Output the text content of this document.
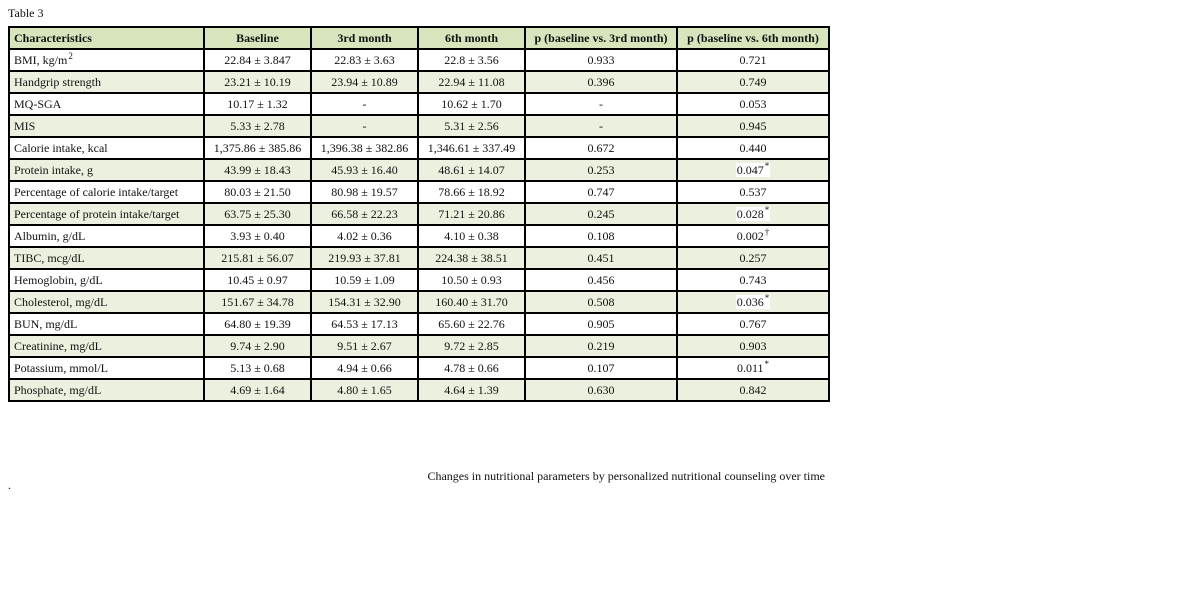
Table 3
Characteristics	Baseline	3rd month	6th month	p (baseline vs. 3rd month)	p (baseline vs. 6th month)
BMI, $kg/m^2$	22.84 ± 3.847	22.83 ± 3.63	22.8 ± 3.56	0.933	0.721
Handgrip strength	23.21 ± 10.19	23.94 ± 10.89	22.94 ± 11.08	0.396	0.749
MQ-SGA	10.17 ± 1.32	-	10.62 ± 1.70	-	0.053
MIS	5.33 ± 2.78	-	5.31 ± 2.56	-	0.945
Calorie intake, kcal	1,375.86 ± 385.86	1,396.38 ± 382.86	1,346.61 ± 337.49	0.672	0.440
Protein intake, g	43.99 ± 18.43	45.93 ± 16.40	48.61 ± 14.07	0.253	0.047*
Percentage of calorie intake/target	80.03 ± 21.50	80.98 ± 19.57	78.66 ± 18.92	0.747	0.537
Percentage of protein intake/target	63.75 ± 25.30	66.58 ± 22.23	71.21 ± 20.86	0.245	0.028*
Albumin, g/dL	3.93 ± 0.40	4.02 ± 0.36	4.10 ± 0.38	0.108	0.002†
TIBC, mcg/dL	215.81 ± 56.07	219.93 ± 37.81	224.38 ± 38.51	0.451	0.257
Hemoglobin, g/dL	10.45 ± 0.97	10.59 ± 1.09	10.50 ± 0.93	0.456	0.743
Cholesterol, mg/dL	151.67 ± 34.78	154.31 ± 32.90	160.40 ± 31.70	0.508	0.036*
BUN, mg/dL	64.80 ± 19.39	64.53 ± 17.13	65.60 ± 22.76	0.905	0.767
Creatinine, mg/dL	9.74 ± 2.90	9.51 ± 2.67	9.72 ± 2.85	0.219	0.903
Potassium, mmol/L	5.13 ± 0.68	4.94 ± 0.66	4.78 ± 0.66	0.107	0.011*
Phosphate, mg/dL	4.69 ± 1.64	4.80 ± 1.65	4.64 ± 1.39	0.630	0.842
Changes in nutritional parameters by personalized nutritional counseling over time
.
